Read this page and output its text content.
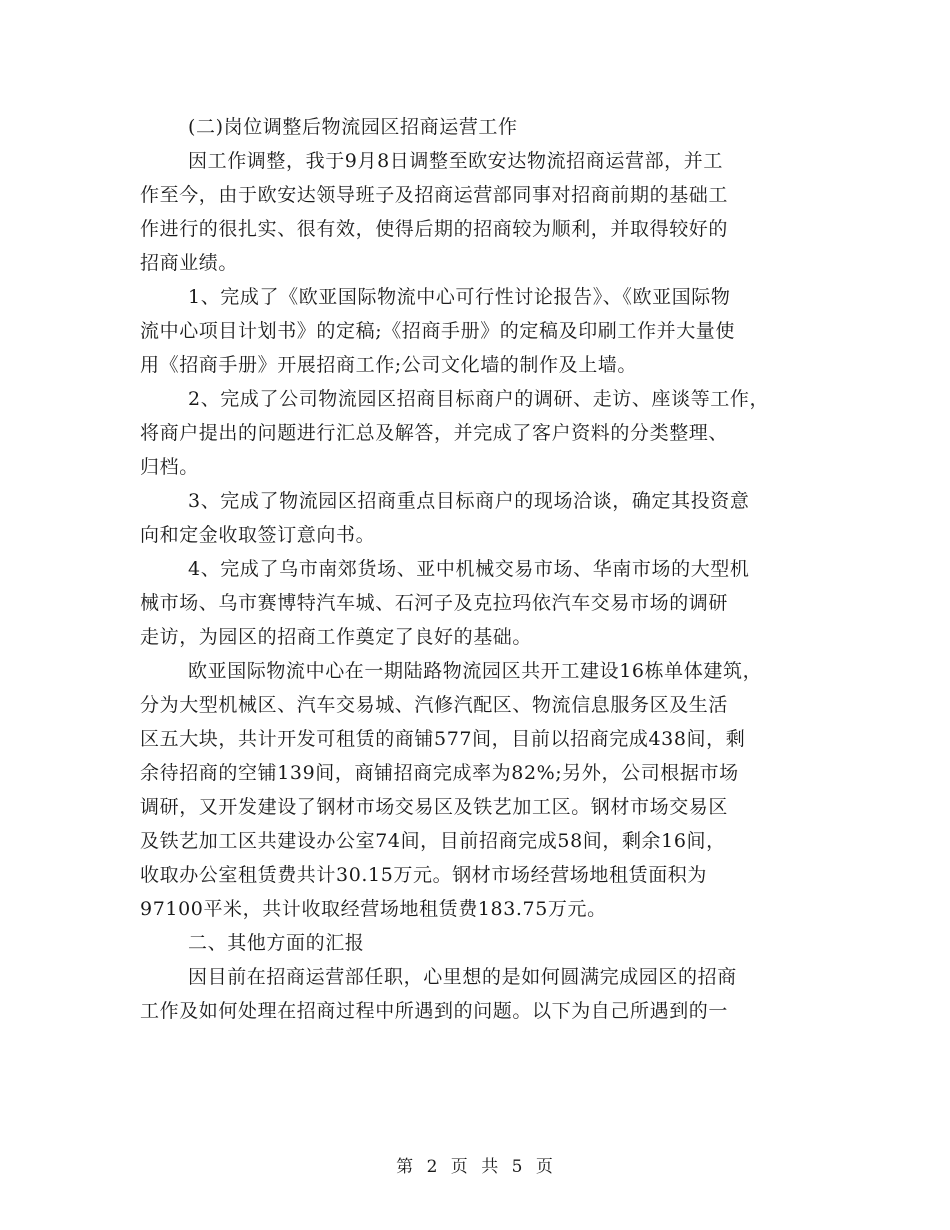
(二)岗位调整后物流园区招商运营工作
因工作调整，我于9月8日调整至欧安达物流招商运营部，并工
作至今，由于欧安达领导班子及招商运营部同事对招商前期的基础工
作进行的很扎实、很有效，使得后期的招商较为顺利，并取得较好的
招商业绩。
1、完成了《欧亚国际物流中心可行性讨论报告》、《欧亚国际物
流中心项目计划书》的定稿;《招商手册》的定稿及印刷工作并大量使
用《招商手册》开展招商工作;公司文化墙的制作及上墙。
2、完成了公司物流园区招商目标商户的调研、走访、座谈等工作，
将商户提出的问题进行汇总及解答，并完成了客户资料的分类整理、
归档。
3、完成了物流园区招商重点目标商户的现场洽谈，确定其投资意
向和定金收取签订意向书。
4、完成了乌市南郊货场、亚中机械交易市场、华南市场的大型机
械市场、乌市赛博特汽车城、石河子及克拉玛依汽车交易市场的调研
走访，为园区的招商工作奠定了良好的基础。
欧亚国际物流中心在一期陆路物流园区共开工建设16栋单体建筑，
分为大型机械区、汽车交易城、汽修汽配区、物流信息服务区及生活
区五大块，共计开发可租赁的商铺577间，目前以招商完成438间，剩
余待招商的空铺139间，商铺招商完成率为82%;另外，公司根据市场
调研，又开发建设了钢材市场交易区及铁艺加工区。钢材市场交易区
及铁艺加工区共建设办公室74间，目前招商完成58间，剩余16间，
收取办公室租赁费共计30.15万元。钢材市场经营场地租赁面积为
97100平米，共计收取经营场地租赁费183.75万元。
二、其他方面的汇报
因目前在招商运营部任职，心里想的是如何圆满完成园区的招商
工作及如何处理在招商过程中所遇到的问题。以下为自己所遇到的一
第 2 页 共 5 页
